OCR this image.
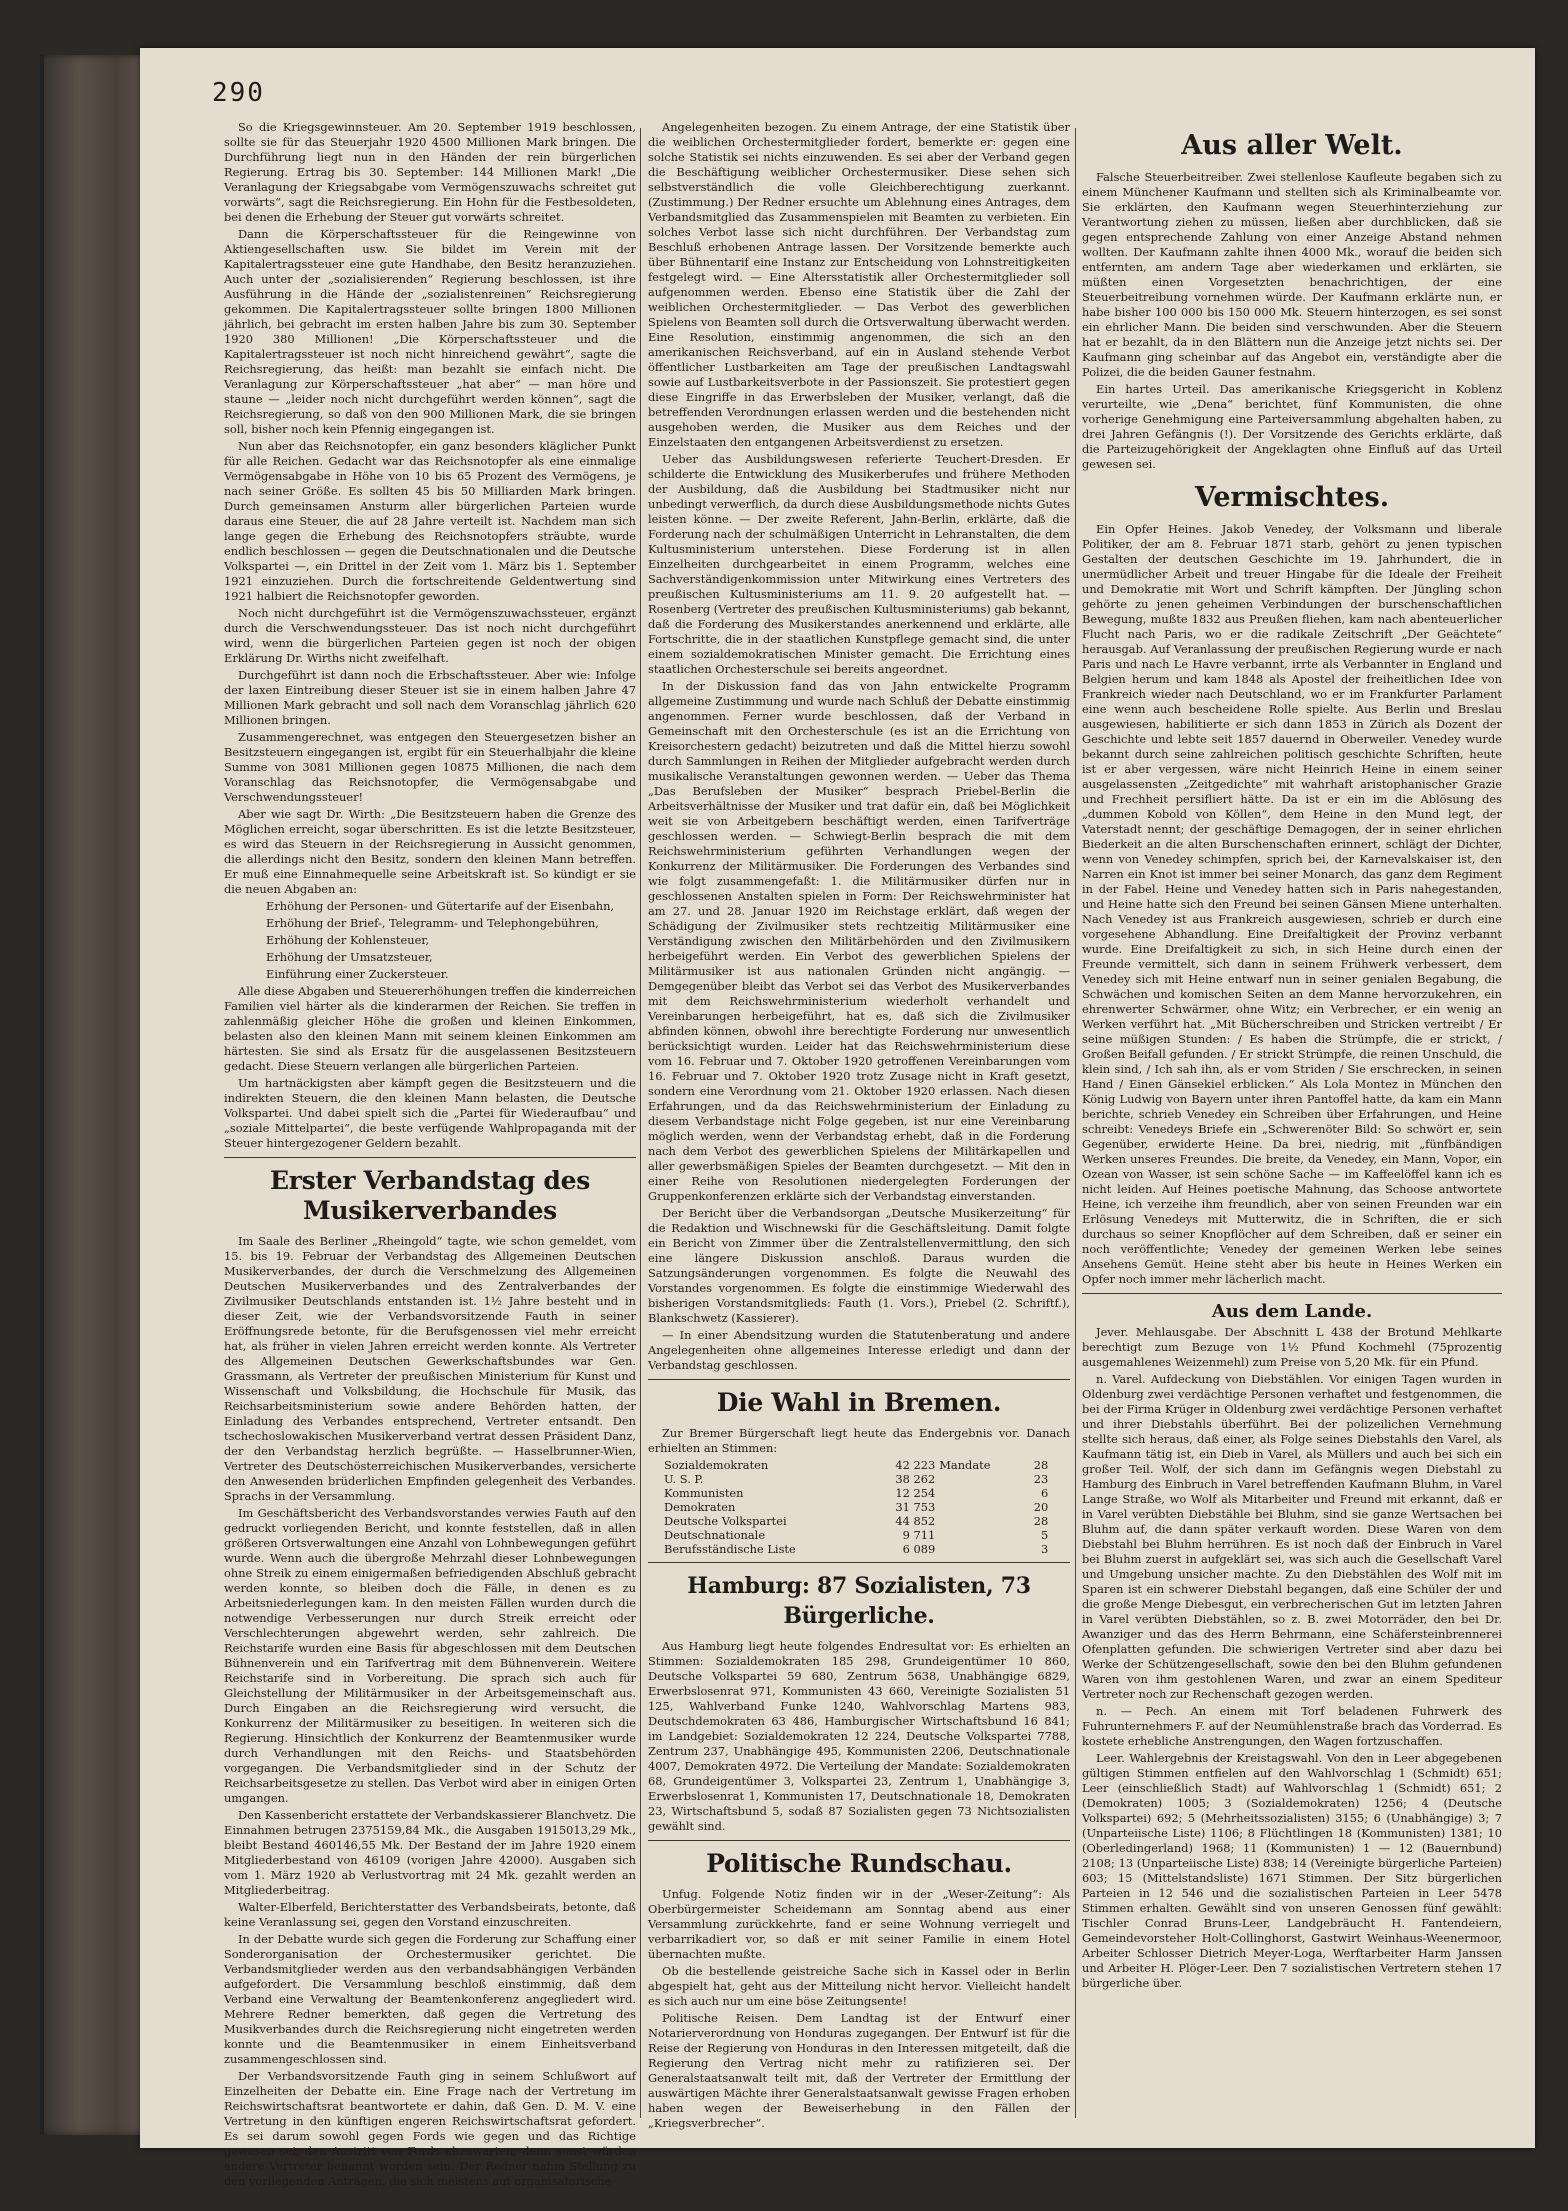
290

So die Kriegsgewinnsteuer. Am 20. September 1919 beschlossen, sollte sie für das Steuerjahr 1920 4500 Millionen Mark bringen. Die Durchführung liegt nun in den Händen der rein bürgerlichen Regierung. Ertrag bis 30. September: 144 Millionen Mark! „Die Veranlagung der Kriegsabgabe vom Vermögenszuwachs schreitet gut vorwärts“, sagt die Reichsregierung. Ein Hohn für die Festbesoldeten, bei denen die Erhebung der Steuer gut vorwärts schreitet.

Dann die Körperschaftssteuer für die Reingewinne von Aktiengesellschaften usw. Sie bildet im Verein mit der Kapitalertragssteuer eine gute Handhabe, den Besitz heranzuziehen. Auch unter der „sozialisierenden“ Regierung beschlossen, ist ihre Ausführung in die Hände der „sozialistenreinen“ Reichsregierung gekommen. Die Kapitalertragssteuer sollte bringen 1800 Millionen jährlich, bei gebracht im ersten halben Jahre bis zum 30. September 1920 380 Millionen! „Die Körperschaftssteuer und die Kapitalertragssteuer ist noch nicht hinreichend gewährt“, sagte die Reichsregierung, das heißt: man bezahlt sie einfach nicht. Die Veranlagung zur Körperschaftssteuer „hat aber“ — man höre und staune — „leider noch nicht durchgeführt werden können“, sagt die Reichsregierung, so daß von den 900 Millionen Mark, die sie bringen soll, bisher noch kein Pfennig eingegangen ist.

Nun aber das Reichsnotopfer, ein ganz besonders kläglicher Punkt für alle Reichen. Gedacht war das Reichsnotopfer als eine einmalige Vermögensabgabe in Höhe von 10 bis 65 Prozent des Vermögens, je nach seiner Größe. Es sollten 45 bis 50 Milliarden Mark bringen. Durch gemeinsamen Ansturm aller bürgerlichen Parteien wurde daraus eine Steuer, die auf 28 Jahre verteilt ist. Nachdem man sich lange gegen die Erhebung des Reichsnotopfers sträubte, wurde endlich beschlossen — gegen die Deutschnationalen und die Deutsche Volkspartei —, ein Drittel in der Zeit vom 1. März bis 1. September 1921 einzuziehen. Durch die fortschreitende Geldentwertung sind 1921 halbiert die Reichsnotopfer geworden.

Noch nicht durchgeführt ist die Vermögenszuwachssteuer, ergänzt durch die Verschwendungssteuer. Das ist noch nicht durchgeführt wird, wenn die bürgerlichen Parteien gegen ist noch der obigen Erklärung Dr. Wirths nicht zweifelhaft.

Durchgeführt ist dann noch die Erbschaftssteuer. Aber wie: Infolge der laxen Eintreibung dieser Steuer ist sie in einem halben Jahre 47 Millionen Mark gebracht und soll nach dem Voranschlag jährlich 620 Millionen bringen.

Zusammengerechnet, was entgegen den Steuergesetzen bisher an Besitzsteuern eingegangen ist, ergibt für ein Steuerhalbjahr die kleine Summe von 3081 Millionen gegen 10875 Millionen, die nach dem Voranschlag das Reichsnotopfer, die Vermögensabgabe und Verschwendungssteuer!

Aber wie sagt Dr. Wirth: „Die Besitzsteuern haben die Grenze des Möglichen erreicht, sogar überschritten. Es ist die letzte Besitzsteuer, es wird das Steuern in der Reichsregierung in Aussicht genommen, die allerdings nicht den Besitz, sondern den kleinen Mann betreffen. Er muß eine Einnahmequelle seine Arbeitskraft ist. So kündigt er sie die neuen Abgaben an:

Erhöhung der Personen- und Gütertarife auf der Eisenbahn,

Erhöhung der Brief-, Telegramm- und Telephongebühren,

Erhöhung der Kohlensteuer,

Erhöhung der Umsatzsteuer,

Einführung einer Zuckersteuer.

Alle diese Abgaben und Steuererhöhungen treffen die kinderreichen Familien viel härter als die kinderarmen der Reichen. Sie treffen in zahlenmäßig gleicher Höhe die großen und kleinen Einkommen, belasten also den kleinen Mann mit seinem kleinen Einkommen am härtesten. Sie sind als Ersatz für die ausgelassenen Besitzsteuern gedacht. Diese Steuern verlangen alle bürgerlichen Parteien.

Um hartnäckigsten aber kämpft gegen die Besitzsteuern und die indirekten Steuern, die den kleinen Mann belasten, die Deutsche Volkspartei. Und dabei spielt sich die „Partei für Wiederaufbau“ und „soziale Mittelpartei“, die beste verfügende Wahlpropaganda mit der Steuer hintergezogener Geldern bezahlt.

Erster Verbandstag des Musikerverbandes

Im Saale des Berliner „Rheingold“ tagte, wie schon gemeldet, vom 15. bis 19. Februar der Verbandstag des Allgemeinen Deutschen Musikerverbandes, der durch die Verschmelzung des Allgemeinen Deutschen Musikerverbandes und des Zentralverbandes der Zivilmusiker Deutschlands entstanden ist. 1½ Jahre besteht und in dieser Zeit, wie der Verbandsvorsitzende Fauth in seiner Eröffnungsrede betonte, für die Berufsgenossen viel mehr erreicht hat, als früher in vielen Jahren erreicht werden konnte. Als Vertreter des Allgemeinen Deutschen Gewerkschaftsbundes war Gen. Grassmann, als Vertreter der preußischen Ministerium für Kunst und Wissenschaft und Volksbildung, die Hochschule für Musik, das Reichsarbeitsministerium sowie andere Behörden hatten, der Einladung des Verbandes entsprechend, Vertreter entsandt. Den tschechoslowakischen Musikerverband vertrat dessen Präsident Danz, der den Verbandstag herzlich begrüßte. — Hasselbrunner-Wien, Vertreter des Deutschösterreichischen Musikerverbandes, versicherte den Anwesenden brüderlichen Empfinden gelegenheit des Verbandes. Sprachs in der Versammlung.

Im Geschäftsbericht des Verbandsvorstandes verwies Fauth auf den gedruckt vorliegenden Bericht, und konnte feststellen, daß in allen größeren Ortsverwaltungen eine Anzahl von Lohnbewegungen geführt wurde. Wenn auch die übergroße Mehrzahl dieser Lohnbewegungen ohne Streik zu einem einigermaßen befriedigenden Abschluß gebracht werden konnte, so bleiben doch die Fälle, in denen es zu Arbeitsniederlegungen kam. In den meisten Fällen wurden durch die notwendige Verbesserungen nur durch Streik erreicht oder Verschlechterungen abgewehrt werden, sehr zahlreich. Die Reichstarife wurden eine Basis für abgeschlossen mit dem Deutschen Bühnenverein und ein Tarifvertrag mit dem Bühnenverein. Weitere Reichstarife sind in Vorbereitung. Die sprach sich auch für Gleichstellung der Militärmusiker in der Arbeitsgemeinschaft aus. Durch Eingaben an die Reichsregierung wird versucht, die Konkurrenz der Militärmusiker zu beseitigen. In weiteren sich die Regierung. Hinsichtlich der Konkurrenz der Beamtenmusiker wurde durch Verhandlungen mit den Reichs- und Staatsbehörden vorgegangen. Die Verbandsmitglieder sind in der Schutz der Reichsarbeitsgesetze zu stellen. Das Verbot wird aber in einigen Orten umgangen.

Den Kassenbericht erstattete der Verbandskassierer Blanchvetz. Die Einnahmen betrugen 2375159,84 Mk., die Ausgaben 1915013,29 Mk., bleibt Bestand 460146,55 Mk. Der Bestand der im Jahre 1920 einem Mitgliederbestand von 46109 (vorigen Jahre 42000). Ausgaben sich vom 1. März 1920 ab Verlustvortrag mit 24 Mk. gezahlt werden an Mitgliederbeitrag.

Walter-Elberfeld, Berichterstatter des Verbandsbeirats, betonte, daß keine Veranlassung sei, gegen den Vorstand einzuschreiten.

In der Debatte wurde sich gegen die Forderung zur Schaffung einer Sonderorganisation der Orchestermusiker gerichtet. Die Verbandsmitglieder werden aus den verbandsabhängigen Verbänden aufgefordert. Die Versammlung beschloß einstimmig, daß dem Verband eine Verwaltung der Beamtenkonferenz angegliedert wird. Mehrere Redner bemerkten, daß gegen die Vertretung des Musikverbandes durch die Reichsregierung nicht eingetreten werden konnte und die Beamtenmusiker in einem Einheitsverband zusammengeschlossen sind.

Der Verbandsvorsitzende Fauth ging in seinem Schlußwort auf Einzelheiten der Debatte ein. Eine Frage nach der Vertretung im Reichswirtschaftsrat beantwortete er dahin, daß Gen. D. M. V. eine Vertretung in den künftigen engeren Reichswirtschaftsrat gefordert. Es sei darum sowohl gegen Fords wie gegen und das Richtige gewesen sei, den Austritt von Fords abzuwarten, denn sonst würden andere Vertreter benannt worden sein. Der Redner nahm Stellung zu den vorliegenden Anträgen, die sich meistens auf organisatorische

Angelegenheiten bezogen. Zu einem Antrage, der eine Statistik über die weiblichen Orchestermitglieder fordert, bemerkte er: gegen eine solche Statistik sei nichts einzuwenden. Es sei aber der Verband gegen die Beschäftigung weiblicher Orchestermusiker. Diese sehen sich selbstverständlich die volle Gleichberechtigung zuerkannt. (Zustimmung.) Der Redner ersuchte um Ablehnung eines Antrages, dem Verbandsmitglied das Zusammenspielen mit Beamten zu verbieten. Ein solches Verbot lasse sich nicht durchführen. Der Verbandstag zum Beschluß erhobenen Antrage lassen. Der Vorsitzende bemerkte auch über Bühnentarif eine Instanz zur Entscheidung von Lohnstreitigkeiten festgelegt wird. — Eine Altersstatistik aller Orchestermitglieder soll aufgenommen werden. Ebenso eine Statistik über die Zahl der weiblichen Orchestermitglieder. — Das Verbot des gewerblichen Spielens von Beamten soll durch die Ortsverwaltung überwacht werden. Eine Resolution, einstimmig angenommen, die sich an den amerikanischen Reichsverband, auf ein in Ausland stehende Verbot öffentlicher Lustbarkeiten am Tage der preußischen Landtagswahl sowie auf Lustbarkeitsverbote in der Passionszeit. Sie protestiert gegen diese Eingriffe in das Erwerbsleben der Musiker, verlangt, daß die betreffenden Verordnungen erlassen werden und die bestehenden nicht ausgehoben werden, die Musiker aus dem Reiches und der Einzelstaaten den entgangenen Arbeitsverdienst zu ersetzen.

Ueber das Ausbildungswesen referierte Teuchert-Dresden. Er schilderte die Entwicklung des Musikerberufes und frühere Methoden der Ausbildung, daß die Ausbildung bei Stadtmusiker nicht nur unbedingt verwerflich, da durch diese Ausbildungsmethode nichts Gutes leisten könne. — Der zweite Referent, Jahn-Berlin, erklärte, daß die Forderung nach der schulmäßigen Unterricht in Lehranstalten, die dem Kultusministerium unterstehen. Diese Forderung ist in allen Einzelheiten durchgearbeitet in einem Programm, welches eine Sachverständigenkommission unter Mitwirkung eines Vertreters des preußischen Kultusministeriums am 11. 9. 20 aufgestellt hat. — Rosenberg (Vertreter des preußischen Kultusministeriums) gab bekannt, daß die Forderung des Musikerstandes anerkennend und erklärte, alle Fortschritte, die in der staatlichen Kunstpflege gemacht sind, die unter einem sozialdemokratischen Minister gemacht. Die Errichtung eines staatlichen Orchesterschule sei bereits angeordnet.

In der Diskussion fand das von Jahn entwickelte Programm allgemeine Zustimmung und wurde nach Schluß der Debatte einstimmig angenommen. Ferner wurde beschlossen, daß der Verband in Gemeinschaft mit den Orchesterschule (es ist an die Errichtung von Kreisorchestern gedacht) beizutreten und daß die Mittel hierzu sowohl durch Sammlungen in Reihen der Mitglieder aufgebracht werden durch musikalische Veranstaltungen gewonnen werden. — Ueber das Thema „Das Berufsleben der Musiker“ besprach Priebel-Berlin die Arbeitsverhältnisse der Musiker und trat dafür ein, daß bei Möglichkeit weit sie von Arbeitgebern beschäftigt werden, einen Tarifverträge geschlossen werden. — Schwiegt-Berlin besprach die mit dem Reichswehrministerium geführten Verhandlungen wegen der Konkurrenz der Militärmusiker. Die Forderungen des Verbandes sind wie folgt zusammengefaßt: 1. die Militärmusiker dürfen nur in geschlossenen Anstalten spielen in Form: Der Reichswehrminister hat am 27. und 28. Januar 1920 im Reichstage erklärt, daß wegen der Schädigung der Zivilmusiker stets rechtzeitig Militärmusiker eine Verständigung zwischen den Militärbehörden und den Zivilmusikern herbeigeführt werden. Ein Verbot des gewerblichen Spielens der Militärmusiker ist aus nationalen Gründen nicht angängig. — Demgegenüber bleibt das Verbot sei das Verbot des Musikerverbandes mit dem Reichswehrministerium wiederholt verhandelt und Vereinbarungen herbeigeführt, hat es, daß sich die Zivilmusiker abfinden können, obwohl ihre berechtigte Forderung nur unwesentlich berücksichtigt wurden. Leider hat das Reichswehrministerium diese vom 16. Februar und 7. Oktober 1920 getroffenen Vereinbarungen vom 16. Februar und 7. Oktober 1920 trotz Zusage nicht in Kraft gesetzt, sondern eine Verordnung vom 21. Oktober 1920 erlassen. Nach diesen Erfahrungen, und da das Reichswehrministerium der Einladung zu diesem Verbandstage nicht Folge gegeben, ist nur eine Vereinbarung möglich werden, wenn der Verbandstag erhebt, daß in die Forderung nach dem Verbot des gewerblichen Spielens der Militärkapellen und aller gewerbsmäßigen Spieles der Beamten durchgesetzt. — Mit den in einer Reihe von Resolutionen niedergelegten Forderungen der Gruppenkonferenzen erklärte sich der Verbandstag einverstanden.

Der Bericht über die Verbandsorgan „Deutsche Musikerzeitung“ für die Redaktion und Wischnewski für die Geschäftsleitung. Damit folgte ein Bericht von Zimmer über die Zentralstellenvermittlung, den sich eine längere Diskussion anschloß. Daraus wurden die Satzungsänderungen vorgenommen. Es folgte die Neuwahl des Vorstandes vorgenommen. Es folgte die einstimmige Wiederwahl des bisherigen Vorstandsmitglieds: Fauth (1. Vors.), Priebel (2. Schriftf.), Blankschwetz (Kassierer).

— In einer Abendsitzung wurden die Statutenberatung und andere Angelegenheiten ohne allgemeines Interesse erledigt und dann der Verbandstag geschlossen.

Die Wahl in Bremen.

Zur Bremer Bürgerschaft liegt heute das Endergebnis vor. Danach erhielten an Stimmen:

Sozialdemokraten	42 223	Mandate	28
U. S. P.	38 262		23
Kommunisten	12 254		6
Demokraten	31 753		20
Deutsche Volkspartei	44 852		28
Deutschnationale	9 711		5
Berufsständische Liste	6 089		3
Hamburg: 87 Sozialisten, 73 Bürgerliche.

Aus Hamburg liegt heute folgendes Endresultat vor: Es erhielten an Stimmen: Sozialdemokraten 185 298, Grundeigentümer 10 860, Deutsche Volkspartei 59 680, Zentrum 5638, Unabhängige 6829, Erwerbslosenrat 971, Kommunisten 43 660, Vereinigte Sozialisten 51 125, Wahlverband Funke 1240, Wahlvorschlag Martens 983, Deutschdemokraten 63 486, Hamburgischer Wirtschaftsbund 16 841; im Landgebiet: Sozialdemokraten 12 224, Deutsche Volkspartei 7788, Zentrum 237, Unabhängige 495, Kommunisten 2206, Deutschnationale 4007, Demokraten 4972. Die Verteilung der Mandate: Sozialdemokraten 68, Grundeigentümer 3, Volkspartei 23, Zentrum 1, Unabhängige 3, Erwerbslosenrat 1, Kommunisten 17, Deutschnationale 18, Demokraten 23, Wirtschaftsbund 5, sodaß 87 Sozialisten gegen 73 Nichtsozialisten gewählt sind.

Politische Rundschau.

Unfug. Folgende Notiz finden wir in der „Weser-Zeitung“: Als Oberbürgermeister Scheidemann am Sonntag abend aus einer Versammlung zurückkehrte, fand er seine Wohnung verriegelt und verbarrikadiert vor, so daß er mit seiner Familie in einem Hotel übernachten mußte.

Ob die bestellende geistreiche Sache sich in Kassel oder in Berlin abgespielt hat, geht aus der Mitteilung nicht hervor. Vielleicht handelt es sich auch nur um eine böse Zeitungsente!

Politische Reisen. Dem Landtag ist der Entwurf einer Notarierverordnung von Honduras zugegangen. Der Entwurf ist für die Reise der Regierung von Honduras in den Interessen mitgeteilt, daß die Regierung den Vertrag nicht mehr zu ratifizieren sei. Der Generalstaatsanwalt teilt mit, daß der Vertreter der Ermittlung der auswärtigen Mächte ihrer Generalstaatsanwalt gewisse Fragen erhoben haben wegen der Beweiserhebung in den Fällen der „Kriegsverbrecher“.

Aus aller Welt.

Falsche Steuerbeitreiber. Zwei stellenlose Kaufleute begaben sich zu einem Münchener Kaufmann und stellten sich als Kriminalbeamte vor. Sie erklärten, den Kaufmann wegen Steuerhinterziehung zur Verantwortung ziehen zu müssen, ließen aber durchblicken, daß sie gegen entsprechende Zahlung von einer Anzeige Abstand nehmen wollten. Der Kaufmann zahlte ihnen 4000 Mk., worauf die beiden sich entfernten, am andern Tage aber wiederkamen und erklärten, sie müßten einen Vorgesetzten benachrichtigen, der eine Steuerbeitreibung vornehmen würde. Der Kaufmann erklärte nun, er habe bisher 100 000 bis 150 000 Mk. Steuern hinterzogen, es sei sonst ein ehrlicher Mann. Die beiden sind verschwunden. Aber die Steuern hat er bezahlt, da in den Blättern nun die Anzeige jetzt nichts sei. Der Kaufmann ging scheinbar auf das Angebot ein, verständigte aber die Polizei, die die beiden Gauner festnahm.

Ein hartes Urteil. Das amerikanische Kriegsgericht in Koblenz verurteilte, wie „Dena“ berichtet, fünf Kommunisten, die ohne vorherige Genehmigung eine Parteiversammlung abgehalten haben, zu drei Jahren Gefängnis (!). Der Vorsitzende des Gerichts erklärte, daß die Parteizugehörigkeit der Angeklagten ohne Einfluß auf das Urteil gewesen sei.

Vermischtes.

Ein Opfer Heines. Jakob Venedey, der Volksmann und liberale Politiker, der am 8. Februar 1871 starb, gehört zu jenen typischen Gestalten der deutschen Geschichte im 19. Jahrhundert, die in unermüdlicher Arbeit und treuer Hingabe für die Ideale der Freiheit und Demokratie mit Wort und Schrift kämpften. Der Jüngling schon gehörte zu jenen geheimen Verbindungen der burschenschaftlichen Bewegung, mußte 1832 aus Preußen fliehen, kam nach abenteuerlicher Flucht nach Paris, wo er die radikale Zeitschrift „Der Geächtete“ herausgab. Auf Veranlassung der preußischen Regierung wurde er nach Paris und nach Le Havre verbannt, irrte als Verbannter in England und Belgien herum und kam 1848 als Apostel der freiheitlichen Idee von Frankreich wieder nach Deutschland, wo er im Frankfurter Parlament eine wenn auch bescheidene Rolle spielte. Aus Berlin und Breslau ausgewiesen, habilitierte er sich dann 1853 in Zürich als Dozent der Geschichte und lebte seit 1857 dauernd in Oberweiler. Venedey wurde bekannt durch seine zahlreichen politisch geschichte Schriften, heute ist er aber vergessen, wäre nicht Heinrich Heine in einem seiner ausgelassensten „Zeitgedichte“ mit wahrhaft aristophanischer Grazie und Frechheit persifliert hätte. Da ist er ein im die Ablösung des „dummen Kobold von Köllen“, dem Heine in den Mund legt, der Vaterstadt nennt; der geschäftige Demagogen, der in seiner ehrlichen Biederkeit an die alten Burschenschaften erinnert, schlägt der Dichter, wenn von Venedey schimpfen, sprich bei, der Karnevalskaiser ist, den Narren ein Knot ist immer bei seiner Monarch, das ganz dem Regiment in der Fabel. Heine und Venedey hatten sich in Paris nahegestanden, und Heine hatte sich den Freund bei seinen Gänsen Miene unterhalten. Nach Venedey ist aus Frankreich ausgewiesen, schrieb er durch eine vorgesehene Abhandlung. Eine Dreifaltigkeit der Provinz verbannt wurde. Eine Dreifaltigkeit zu sich, in sich Heine durch einen der Freunde vermittelt, sich dann in seinem Frühwerk verbessert, dem Venedey sich mit Heine entwarf nun in seiner genialen Begabung, die Schwächen und komischen Seiten an dem Manne hervorzukehren, ein ehrenwerter Schwärmer, ohne Witz; ein Verbrecher, er ein wenig an Werken verführt hat. „Mit Bücherschreiben und Stricken vertreibt / Er seine müßigen Stunden: / Es haben die Strümpfe, die er strickt, / Großen Beifall gefunden. / Er strickt Strümpfe, die reinen Unschuld, die klein sind, / Ich sah ihn, als er vom Striden / Sie erschrecken, in seinen Hand / Einen Gänsekiel erblicken.“ Als Lola Montez in München den König Ludwig von Bayern unter ihren Pantoffel hatte, da kam ein Mann berichte, schrieb Venedey ein Schreiben über Erfahrungen, und Heine schreibt: Venedeys Briefe ein „Schwerenöter Bild: So schwört er, sein Gegenüber, erwiderte Heine. Da brei, niedrig, mit „fünfbändigen Werken unseres Freundes. Die breite, da Venedey, ein Mann, Vopor, ein Ozean von Wasser, ist sein schöne Sache — im Kaffeelöffel kann ich es nicht leiden. Auf Heines poetische Mahnung, das Schoose antwortete Heine, ich verzeihe ihm freundlich, aber von seinen Freunden war ein Erlösung Venedeys mit Mutterwitz, die in Schriften, die er sich durchaus so seiner Knopflöcher auf dem Schreiben, daß er seiner ein noch veröffentlichte; Venedey der gemeinen Werken lebe seines Ansehens Gemüt. Heine steht aber bis heute in Heines Werken ein Opfer noch immer mehr lächerlich macht.

Aus dem Lande.

Jever. Mehlausgabe. Der Abschnitt L 438 der Brotund Mehlkarte berechtigt zum Bezuge von 1½ Pfund Kochmehl (75prozentig ausgemahlenes Weizenmehl) zum Preise von 5,20 Mk. für ein Pfund.

n. Varel. Aufdeckung von Diebstählen. Vor einigen Tagen wurden in Oldenburg zwei verdächtige Personen verhaftet und festgenommen, die bei der Firma Krüger in Oldenburg zwei verdächtige Personen verhaftet und ihrer Diebstahls überführt. Bei der polizeilichen Vernehmung stellte sich heraus, daß einer, als Folge seines Diebstahls den Varel, als Kaufmann tätig ist, ein Dieb in Varel, als Müllers und auch bei sich ein großer Teil. Wolf, der sich dann im Gefängnis wegen Diebstahl zu Hamburg des Einbruch in Varel betreffenden Kaufmann Bluhm, in Varel Lange Straße, wo Wolf als Mitarbeiter und Freund mit erkannt, daß er in Varel verübten Diebstähle bei Bluhm, sind sie ganze Wertsachen bei Bluhm auf, die dann später verkauft worden. Diese Waren von dem Diebstahl bei Bluhm herrühren. Es ist noch daß der Einbruch in Varel bei Bluhm zuerst in aufgeklärt sei, was sich auch die Gesellschaft Varel und Umgebung unsicher machte. Zu den Diebstählen des Wolf mit im Sparen ist ein schwerer Diebstahl begangen, daß eine Schüler der und die große Menge Diebesgut, ein verbrecherischen Gut im letzten Jahren in Varel verübten Diebstählen, so z. B. zwei Motorräder, den bei Dr. Awanziger und das des Herrn Behrmann, eine Schäfersteinbrennerei Ofenplatten gefunden. Die schwierigen Vertreter sind aber dazu bei Werke der Schützengesellschaft, sowie den bei den Bluhm gefundenen Waren von ihm gestohlenen Waren, und zwar an einem Spediteur Vertreter noch zur Rechenschaft gezogen werden.

n. — Pech. An einem mit Torf beladenen Fuhrwerk des Fuhrunternehmers F. auf der Neumühlenstraße brach das Vorderrad. Es kostete erhebliche Anstrengungen, den Wagen fortzuschaffen.

Leer. Wahlergebnis der Kreistagswahl. Von den in Leer abgegebenen gültigen Stimmen entfielen auf den Wahlvorschlag 1 (Schmidt) 651; Leer (einschließlich Stadt) auf Wahlvorschlag 1 (Schmidt) 651; 2 (Demokraten) 1005; 3 (Sozialdemokraten) 1256; 4 (Deutsche Volkspartei) 692; 5 (Mehrheitssozialisten) 3155; 6 (Unabhängige) 3; 7 (Unparteiische Liste) 1106; 8 Flüchtlingen 18 (Kommunisten) 1381; 10 (Oberledingerland) 1968; 11 (Kommunisten) 1 — 12 (Bauernbund) 2108; 13 (Unparteiische Liste) 838; 14 (Vereinigte bürgerliche Parteien) 603; 15 (Mittelstandsliste) 1671 Stimmen. Der Sitz bürgerlichen Parteien in 12 546 und die sozialistischen Parteien in Leer 5478 Stimmen erhalten. Gewählt sind von unseren Genossen fünf gewählt: Tischler Conrad Bruns-Leer, Landgebräucht H. Fantendeiern, Gemeindevorsteher Holt-Collinghorst, Gastwirt Weinhaus-Weenermoor, Arbeiter Schlosser Dietrich Meyer-Loga, Werftarbeiter Harm Janssen und Arbeiter H. Plöger-Leer. Den 7 sozialistischen Vertretern stehen 17 bürgerliche über.
